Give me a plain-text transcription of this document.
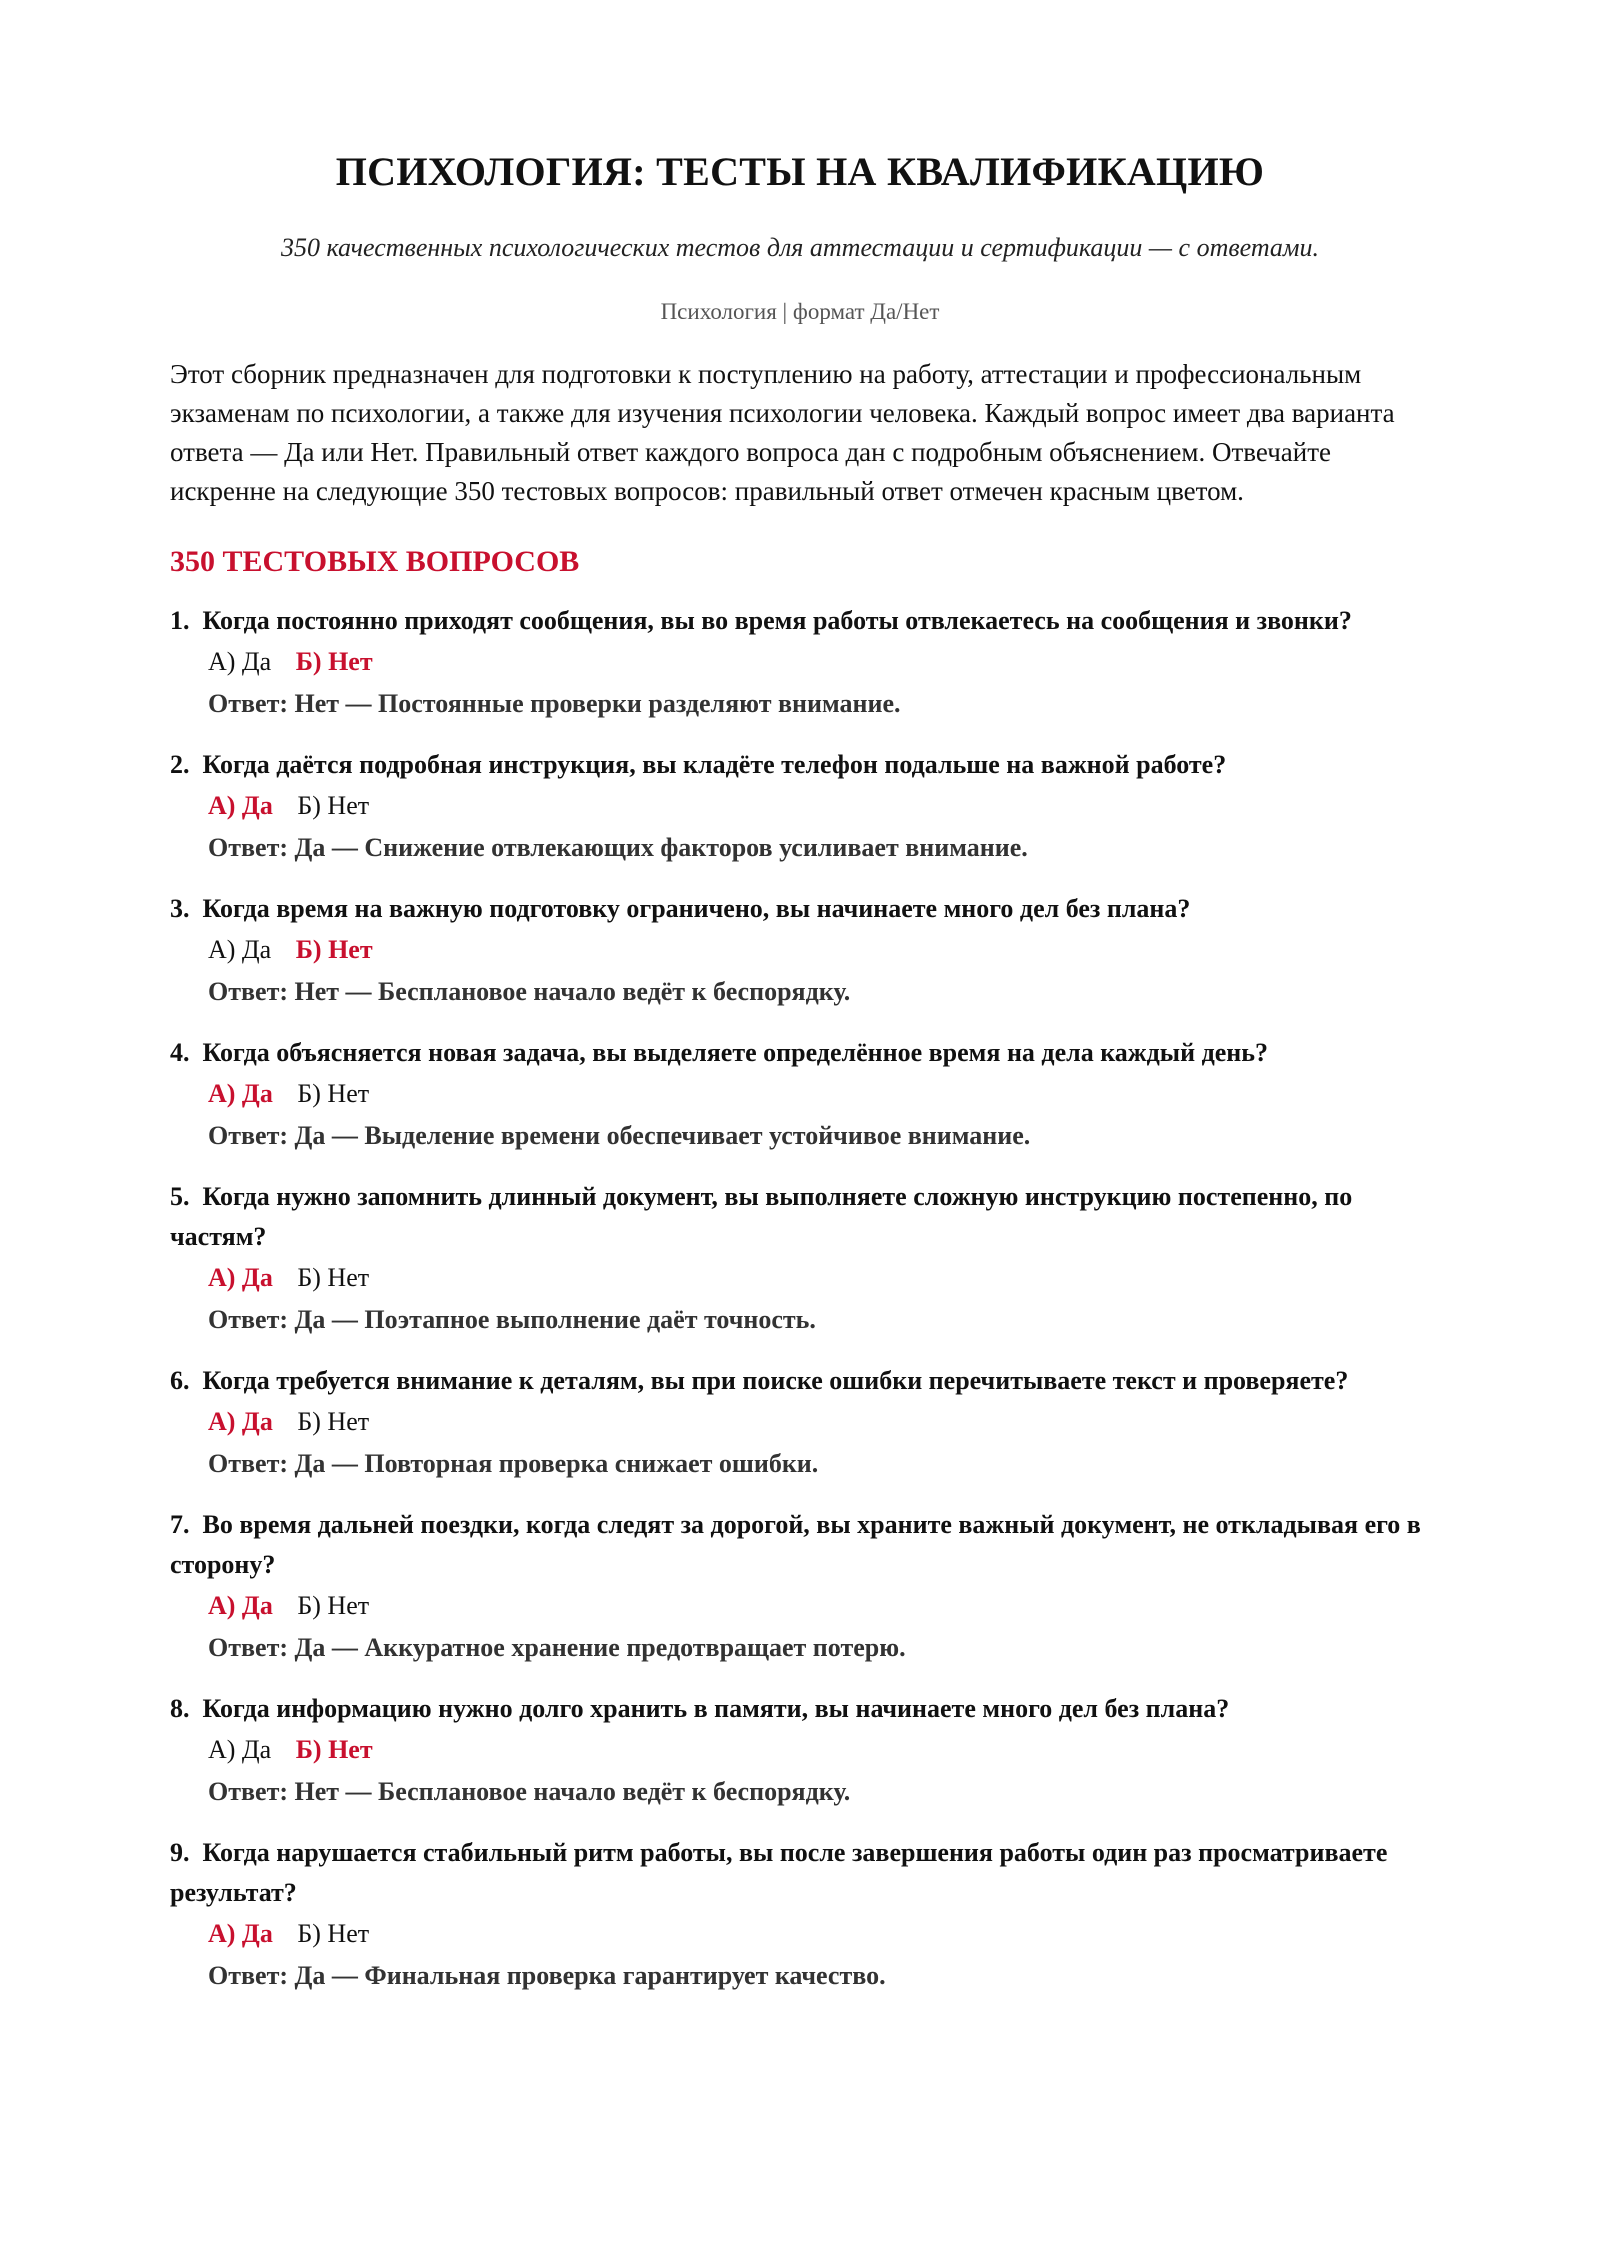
ПСИХОЛОГИЯ: ТЕСТЫ НА КВАЛИФИКАЦИЮ

350 качественных психологических тестов для аттестации и сертификации — с ответами.

Психология | формат Да/Нет

Этот сборник предназначен для подготовки к поступлению на работу, аттестации и профессиональным экзаменам по психологии, а также для изучения психологии человека. Каждый вопрос имеет два варианта ответа — Да или Нет. Правильный ответ каждого вопроса дан с подробным объяснением. Отвечайте искренне на следующие 350 тестовых вопросов: правильный ответ отмечен красным цветом.

350 ТЕСТОВЫХ ВОПРОСОВ
1. Когда постоянно приходят сообщения, вы во время работы отвлекаетесь на сообщения и звонки?
А) Да Б) Нет
Ответ: Нет — Постоянные проверки разделяют внимание.
2. Когда даётся подробная инструкция, вы кладёте телефон подальше на важной работе?
А) Да Б) Нет
Ответ: Да — Снижение отвлекающих факторов усиливает внимание.
3. Когда время на важную подготовку ограничено, вы начинаете много дел без плана?
А) Да Б) Нет
Ответ: Нет — Бесплановое начало ведёт к беспорядку.
4. Когда объясняется новая задача, вы выделяете определённое время на дела каждый день?
А) Да Б) Нет
Ответ: Да — Выделение времени обеспечивает устойчивое внимание.
5. Когда нужно запомнить длинный документ, вы выполняете сложную инструкцию постепенно, по частям?
А) Да Б) Нет
Ответ: Да — Поэтапное выполнение даёт точность.
6. Когда требуется внимание к деталям, вы при поиске ошибки перечитываете текст и проверяете?
А) Да Б) Нет
Ответ: Да — Повторная проверка снижает ошибки.
7. Во время дальней поездки, когда следят за дорогой, вы храните важный документ, не откладывая его в сторону?
А) Да Б) Нет
Ответ: Да — Аккуратное хранение предотвращает потерю.
8. Когда информацию нужно долго хранить в памяти, вы начинаете много дел без плана?
А) Да Б) Нет
Ответ: Нет — Бесплановое начало ведёт к беспорядку.
9. Когда нарушается стабильный ритм работы, вы после завершения работы один раз просматриваете результат?
А) Да Б) Нет
Ответ: Да — Финальная проверка гарантирует качество.
